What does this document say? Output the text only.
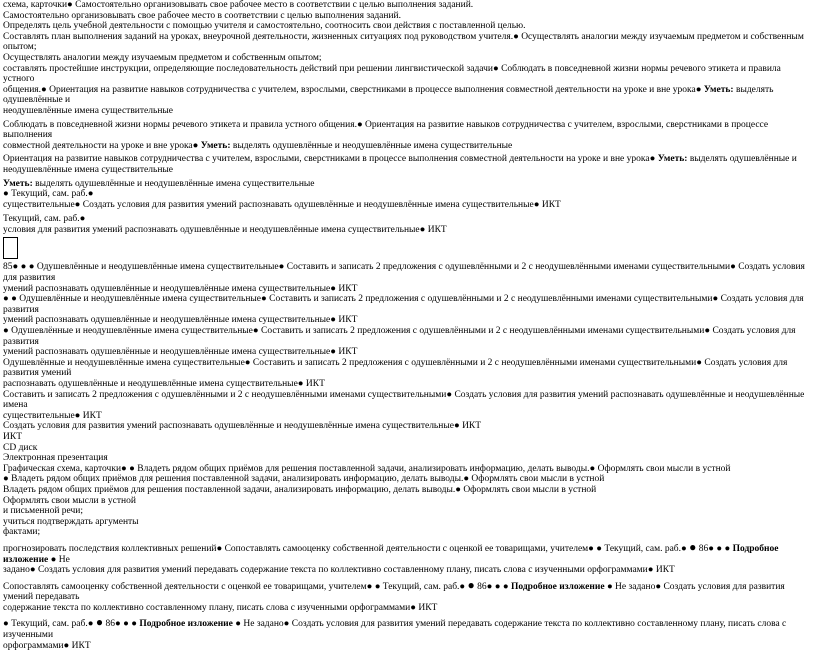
схема, карточки● Самостоятельно организовывать свое рабочее место в соответствии с целью выполнения заданий.
Самостоятельно организовывать свое рабочее место в соответствии с целью выполнения заданий.
Определять цель учебной деятельности с помощью учителя и самостоятельно, соотносить свои действия с поставленной целью.
Составлять план выполнения заданий на уроках, внеурочной деятельности, жизненных ситуациях под руководством учителя.● Осуществлять аналогии между изучаемым предметом и собственным опытом;
Осуществлять аналогии между изучаемым предметом и собственным опытом;
составлять простейшие инструкции, определяющие последовательность действий при решении лингвистической задачи● Соблюдать в повседневной жизни нормы речевого этикета и правила устного
общения.● Ориентация на развитие навыков сотрудничества с учителем, взрослыми, сверстниками в процессе выполнения совместной деятельности на уроке и вне урока● Уметь: выделять одушевлённые и
неодушевлённые имена существительные
Соблюдать в повседневной жизни нормы речевого этикета и правила устного общения.● Ориентация на развитие навыков сотрудничества с учителем, взрослыми, сверстниками в процессе выполнения
совместной деятельности на уроке и вне урока● Уметь: выделять одушевлённые и неодушевлённые имена существительные
Ориентация на развитие навыков сотрудничества с учителем, взрослыми, сверстниками в процессе выполнения совместной деятельности на уроке и вне урока● Уметь: выделять одушевлённые и
неодушевлённые имена существительные
Уметь: выделять одушевлённые и неодушевлённые имена существительные
● Текущий, сам. раб.●
существительные● Создать условия для развития умений распознавать одушевлённые и неодушевлённые имена существительные● ИКТ
Текущий, сам. раб.●
условия для развития умений распознавать одушевлённые и неодушевлённые имена существительные● ИКТ
85● ● ● Одушевлённые и неодушевлённые имена существительные● Составить и записать 2 предложения с одушевлёнными и 2 с неодушевлёнными именами существительными● Создать условия для развития
умений распознавать одушевлённые и неодушевлённые имена существительные● ИКТ
● ● Одушевлённые и неодушевлённые имена существительные● Составить и записать 2 предложения с одушевлёнными и 2 с неодушевлёнными именами существительными● Создать условия для развития
умений распознавать одушевлённые и неодушевлённые имена существительные● ИКТ
● Одушевлённые и неодушевлённые имена существительные● Составить и записать 2 предложения с одушевлёнными и 2 с неодушевлёнными именами существительными● Создать условия для развития
умений распознавать одушевлённые и неодушевлённые имена существительные● ИКТ
Одушевлённые и неодушевлённые имена существительные● Составить и записать 2 предложения с одушевлёнными и 2 с неодушевлёнными именами существительными● Создать условия для развития умений
распознавать одушевлённые и неодушевлённые имена существительные● ИКТ
Составить и записать 2 предложения с одушевлёнными и 2 с неодушевлёнными именами существительными● Создать условия для развития умений распознавать одушевлённые и неодушевлённые имена
существительные● ИКТ
Создать условия для развития умений распознавать одушевлённые и неодушевлённые имена существительные● ИКТ
ИКТ
CD диск
Электронная презентация
Графическая схема, карточки● ● Владеть рядом общих приёмов для решения поставленной задачи, анализировать информацию, делать выводы.● Оформлять свои мысли в устной
● Владеть рядом общих приёмов для решения поставленной задачи, анализировать информацию, делать выводы.● Оформлять свои мысли в устной
Владеть рядом общих приёмов для решения поставленной задачи, анализировать информацию, делать выводы.● Оформлять свои мысли в устной
Оформлять свои мысли в устной
и письменной речи;
учиться подтверждать аргументы
фактами;
прогнозировать последствия коллективных решений● Сопоставлять самооценку собственной деятельности с оценкой ее товарищами, учителем● ● Текущий, сам. раб.● ● 86● ● ● Подробное изложение ● Не
задано● Создать условия для развития умений передавать содержание текста по коллективно составленному плану, писать слова с изученными орфограммами● ИКТ
Сопоставлять самооценку собственной деятельности с оценкой ее товарищами, учителем● ● Текущий, сам. раб.● ● 86● ● ● Подробное изложение ● Не задано● Создать условия для развития умений передавать
содержание текста по коллективно составленному плану, писать слова с изученными орфограммами● ИКТ
● Текущий, сам. раб.● ● 86● ● ● Подробное изложение ● Не задано● Создать условия для развития умений передавать содержание текста по коллективно составленному плану, писать слова с изученными
орфограммами● ИКТ
